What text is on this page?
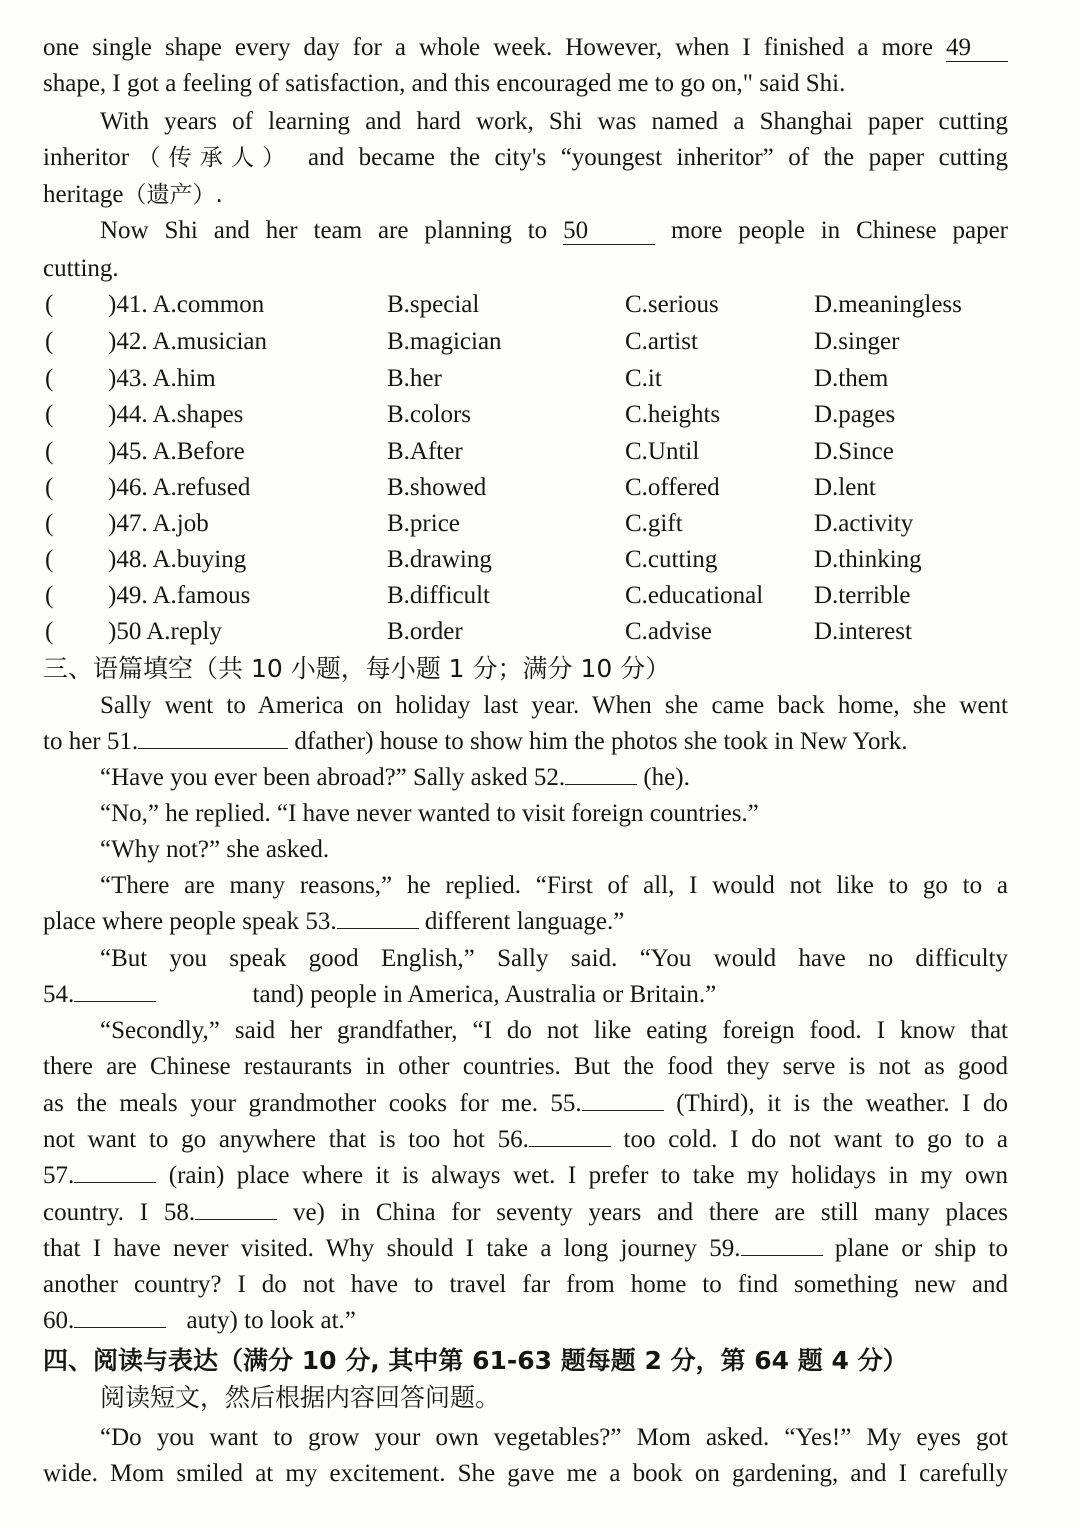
one single shape every day for a whole week. However, when I finished a more 49
shape, I got a feeling of satisfaction, and this encouraged me to go on," said Shi.
With years of learning and hard work, Shi was named a Shanghai paper cutting
inheritor（传承人） and became the city's “youngest inheritor” of the paper cutting
heritage（遗产）.
Now Shi and her team are planning to 50	more people in Chinese paper
cutting.
( )41. A.common	B.special	C.serious	D.meaningless
( )42. A.musician	B.magician	C.artist	D.singer
( )43. A.him	B.her	C.it	D.them
( )44. A.shapes	B.colors	C.heights	D.pages
( )45. A.Before	B.After	C.Until	D.Since
( )46. A.refused	B.showed	C.offered	D.lent
( )47. A.job	B.price	C.gift	D.activity
( )48. A.buying	B.drawing	C.cutting	D.thinking
( )49. A.famous	B.difficult	C.educational D.terrible
( )50 A.reply	B.order	C.advise	D.interest
三、语篇填空（共 10 小题，每小题 1 分；满分 10 分）
Sally went to America on holiday last year. When she came back home, she went
to her 51.	dfather) house to show him the photos she took in New York.
“Have you ever been abroad?” Sally asked 52.	(he).
“No,” he replied. “I have never wanted to visit foreign countries.”
“Why not?” she asked.
“There are many reasons,” he replied. “First of all, I would not like to go to a
place where people speak 53.	different language.”
“But you speak good English,” Sally said. “You would have no difficulty
54.	tand) people in America, Australia or Britain.”
“Secondly,” said her grandfather, “I do not like eating foreign food. I know that
there are Chinese restaurants in other countries. But the food they serve is not as good
as the meals your grandmother cooks for me. 55.	(Third), it is the weather. I do
not want to go anywhere that is too hot 56.	too cold. I do not want to go to a
57.	(rain) place where it is always wet. I prefer to take my holidays in my own
country. I 58.	ve) in China for seventy years and there are still many places
that I have never visited. Why should I take a long journey 59.	plane or ship to
another country? I do not have to travel far from home to find something new and
60.	auty) to look at.”
四、阅读与表达（满分 10 分, 其中第 61-63 题每题 2 分，第 64 题 4 分）
阅读短文，然后根据内容回答问题。
“Do you want to grow your own vegetables?” Mom asked. “Yes!” My eyes got
wide. Mom smiled at my excitement. She gave me a book on gardening, and I carefully
